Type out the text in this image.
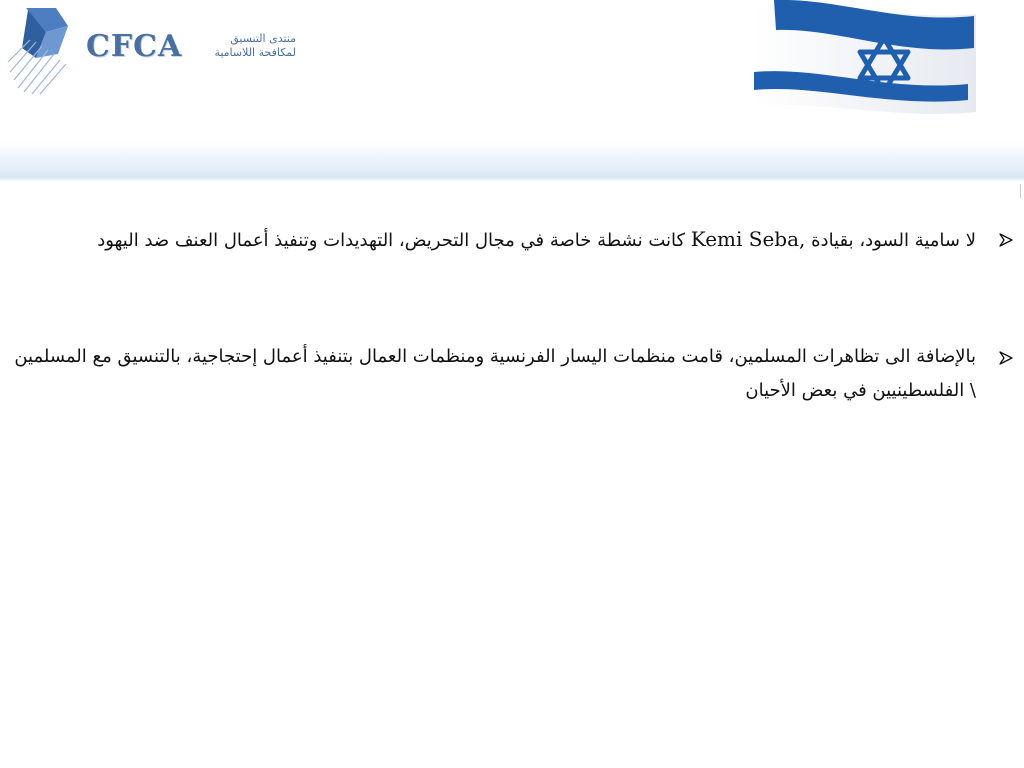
CFCA	منتدى التنسيق
لمكافحة اللاسامية
لا سامية السود، بقيادة Kemi Seba, كانت نشطة خاصة في مجال التحريض، التهديدات وتنفيذ أعمال العنف ضد اليهود
بالإضافة الى تظاهرات المسلمين، قامت منظمات اليسار الفرنسية ومنظمات العمال بتنفيذ أعمال إحتجاجية، بالتنسيق مع المسلمين \ الفلسطينيين في بعض الأحيان
